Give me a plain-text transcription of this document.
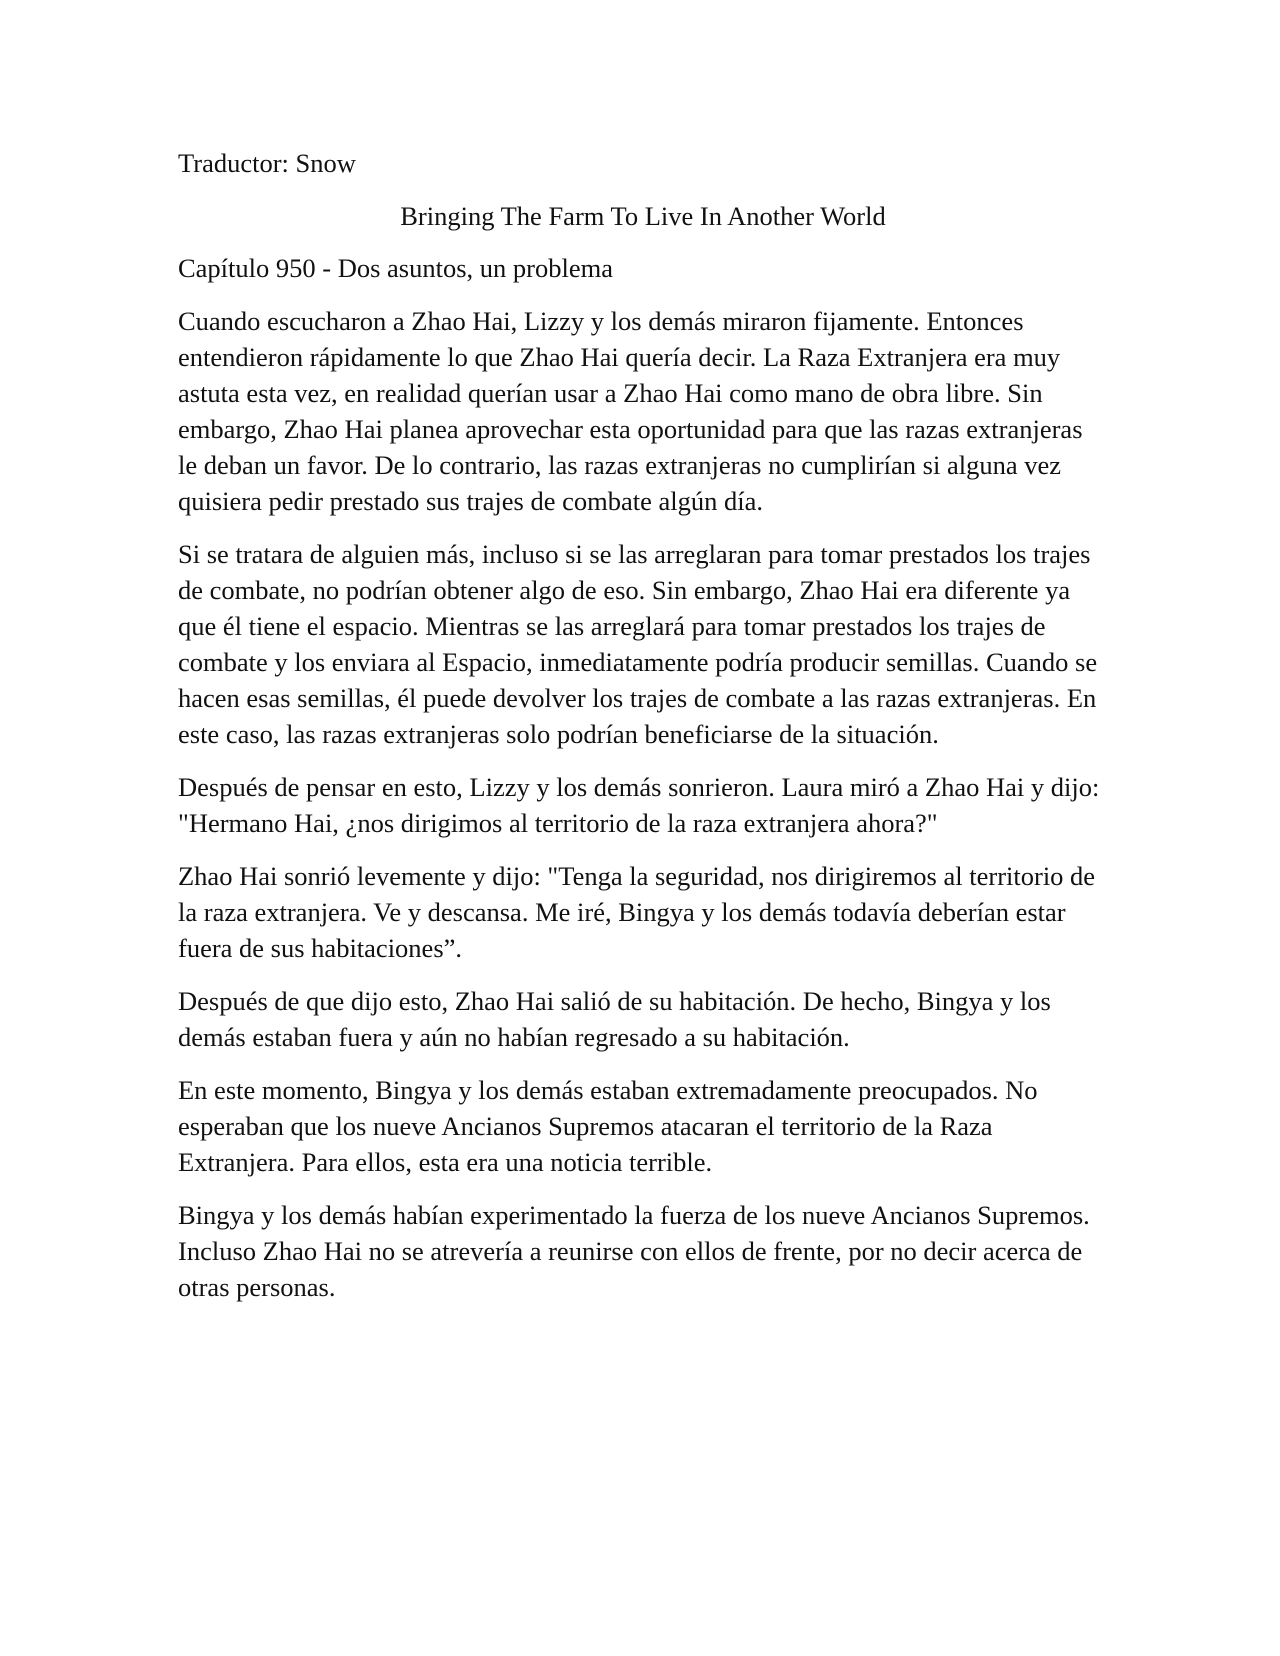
Traductor: Snow

Bringing The Farm To Live In Another World

Capítulo 950 - Dos asuntos, un problema

Cuando escucharon a Zhao Hai, Lizzy y los demás miraron fijamente. Entonces entendieron rápidamente lo que Zhao Hai quería decir. La Raza Extranjera era muy astuta esta vez, en realidad querían usar a Zhao Hai como mano de obra libre. Sin embargo, Zhao Hai planea aprovechar esta oportunidad para que las razas extranjeras le deban un favor. De lo contrario, las razas extranjeras no cumplirían si alguna vez quisiera pedir prestado sus trajes de combate algún día.

Si se tratara de alguien más, incluso si se las arreglaran para tomar prestados los trajes de combate, no podrían obtener algo de eso. Sin embargo, Zhao Hai era diferente ya que él tiene el espacio. Mientras se las arreglará para tomar prestados los trajes de combate y los enviara al Espacio, inmediatamente podría producir semillas. Cuando se hacen esas semillas, él puede devolver los trajes de combate a las razas extranjeras. En este caso, las razas extranjeras solo podrían beneficiarse de la situación.

Después de pensar en esto, Lizzy y los demás sonrieron. Laura miró a Zhao Hai y dijo: "Hermano Hai, ¿nos dirigimos al territorio de la raza extranjera ahora?"

Zhao Hai sonrió levemente y dijo: "Tenga la seguridad, nos dirigiremos al territorio de la raza extranjera. Ve y descansa. Me iré, Bingya y los demás todavía deberían estar fuera de sus habitaciones”.

Después de que dijo esto, Zhao Hai salió de su habitación. De hecho, Bingya y los demás estaban fuera y aún no habían regresado a su habitación.

En este momento, Bingya y los demás estaban extremadamente preocupados. No esperaban que los nueve Ancianos Supremos atacaran el territorio de la Raza Extranjera. Para ellos, esta era una noticia terrible.

Bingya y los demás habían experimentado la fuerza de los nueve Ancianos Supremos. Incluso Zhao Hai no se atrevería a reunirse con ellos de frente, por no decir acerca de otras personas.
